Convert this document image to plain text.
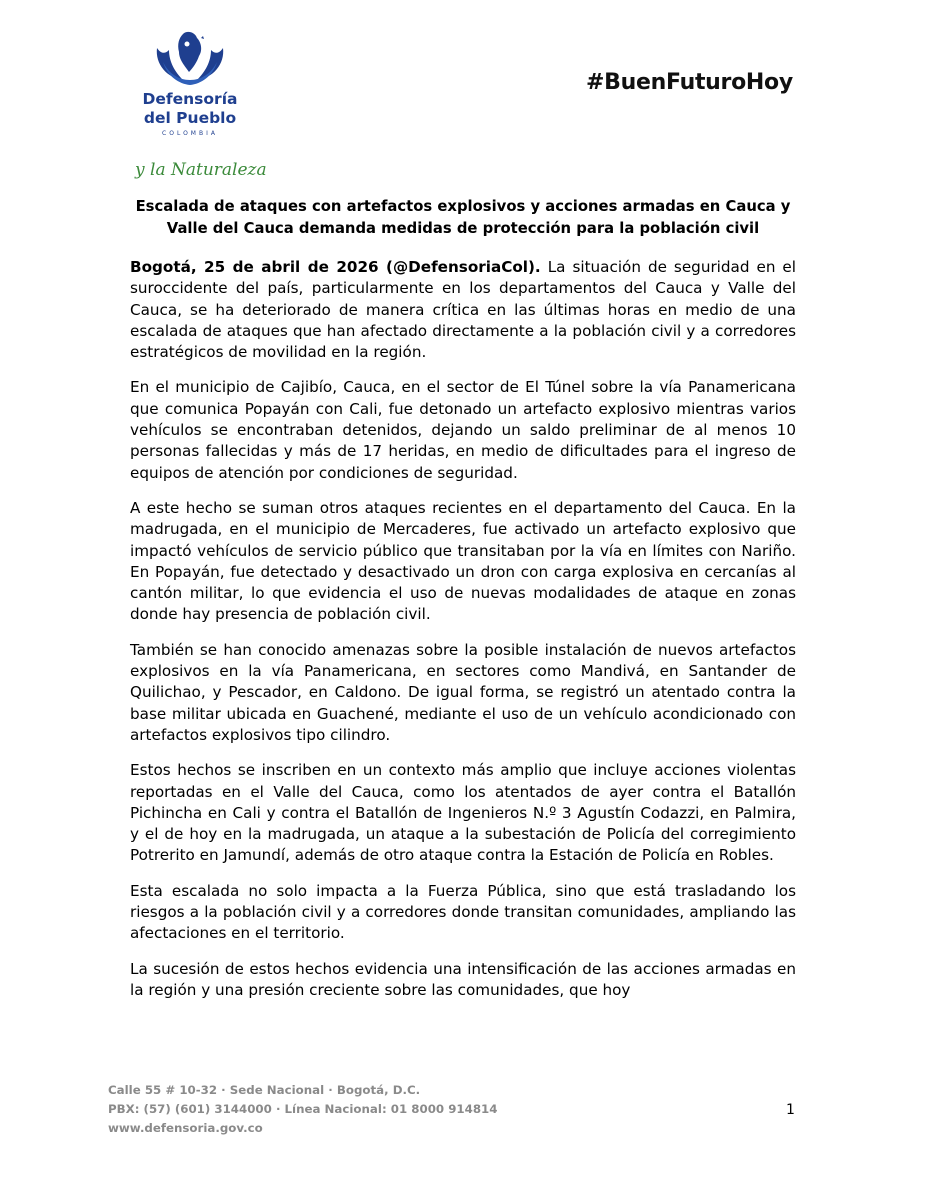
Defensoría
del Pueblo
COLOMBIA
y la Naturaleza
#BuenFuturoHoy
Escalada de ataques con artefactos explosivos y acciones armadas en Cauca y
Valle del Cauca demanda medidas de protección para la población civil

Bogotá, 25 de abril de 2026 (@DefensoriaCol). La situación de seguridad en el suroccidente del país, particularmente en los departamentos del Cauca y Valle del Cauca, se ha deteriorado de manera crítica en las últimas horas en medio de una escalada de ataques que han afectado directamente a la población civil y a corredores estratégicos de movilidad en la región.

En el municipio de Cajibío, Cauca, en el sector de El Túnel sobre la vía Panamericana que comunica Popayán con Cali, fue detonado un artefacto explosivo mientras varios vehículos se encontraban detenidos, dejando un saldo preliminar de al menos 10 personas fallecidas y más de 17 heridas, en medio de dificultades para el ingreso de equipos de atención por condiciones de seguridad.

A este hecho se suman otros ataques recientes en el departamento del Cauca. En la madrugada, en el municipio de Mercaderes, fue activado un artefacto explosivo que impactó vehículos de servicio público que transitaban por la vía en límites con Nariño. En Popayán, fue detectado y desactivado un dron con carga explosiva en cercanías al cantón militar, lo que evidencia el uso de nuevas modalidades de ataque en zonas donde hay presencia de población civil.

También se han conocido amenazas sobre la posible instalación de nuevos artefactos explosivos en la vía Panamericana, en sectores como Mandivá, en Santander de Quilichao, y Pescador, en Caldono. De igual forma, se registró un atentado contra la base militar ubicada en Guachené, mediante el uso de un vehículo acondicionado con artefactos explosivos tipo cilindro.

Estos hechos se inscriben en un contexto más amplio que incluye acciones violentas reportadas en el Valle del Cauca, como los atentados de ayer contra el Batallón Pichincha en Cali y contra el Batallón de Ingenieros N.º 3 Agustín Codazzi, en Palmira, y el de hoy en la madrugada, un ataque a la subestación de Policía del corregimiento Potrerito en Jamundí, además de otro ataque contra la Estación de Policía en Robles.

Esta escalada no solo impacta a la Fuerza Pública, sino que está trasladando los riesgos a la población civil y a corredores donde transitan comunidades, ampliando las afectaciones en el territorio.

La sucesión de estos hechos evidencia una intensificación de las acciones armadas en la región y una presión creciente sobre las comunidades, que hoy

Calle 55 # 10-32 · Sede Nacional · Bogotá, D.C.
PBX: (57) (601) 3144000 · Línea Nacional: 01 8000 914814
www.defensoria.gov.co
1
